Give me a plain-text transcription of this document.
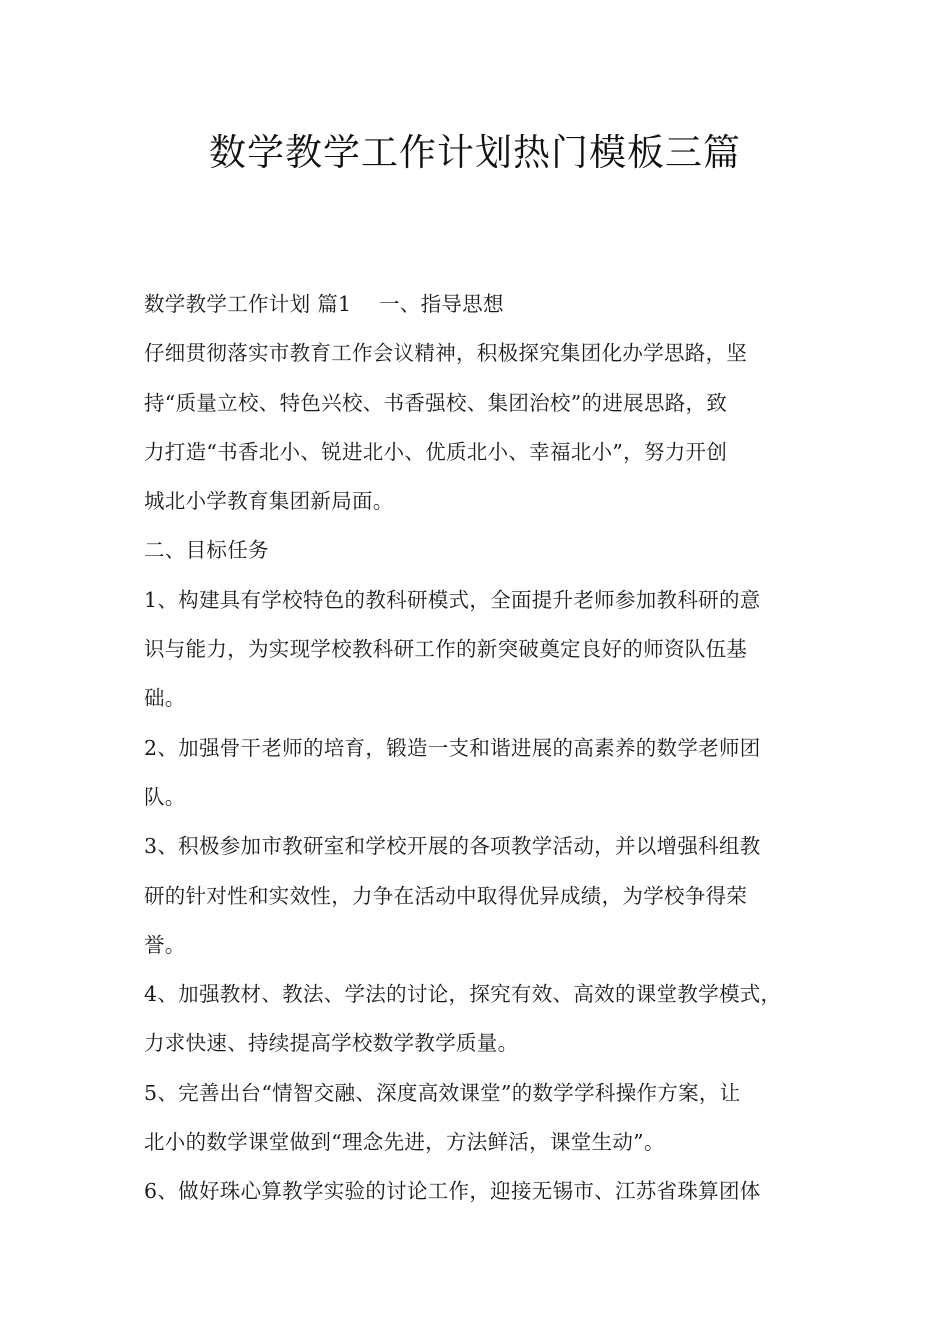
数学教学工作计划热门模板三篇
数学教学工作计划 篇1　 一、指导思想
仔细贯彻落实市教育工作会议精神，积极探究集团化办学思路，坚
持“质量立校、特色兴校、书香强校、集团治校”的进展思路，致
力打造“书香北小、锐进北小、优质北小、幸福北小”，努力开创
城北小学教育集团新局面。
二、目标任务
1、构建具有学校特色的教科研模式，全面提升老师参加教科研的意
识与能力，为实现学校教科研工作的新突破奠定良好的师资队伍基
础。
2、加强骨干老师的培育，锻造一支和谐进展的高素养的数学老师团
队。
3、积极参加市教研室和学校开展的各项教学活动，并以增强科组教
研的针对性和实效性，力争在活动中取得优异成绩，为学校争得荣
誉。
4、加强教材、教法、学法的讨论，探究有效、高效的课堂教学模式，
力求快速、持续提高学校数学教学质量。
5、完善出台“情智交融、深度高效课堂”的数学学科操作方案，让
北小的数学课堂做到“理念先进，方法鲜活，课堂生动”。
6、做好珠心算教学实验的讨论工作，迎接无锡市、江苏省珠算团体
